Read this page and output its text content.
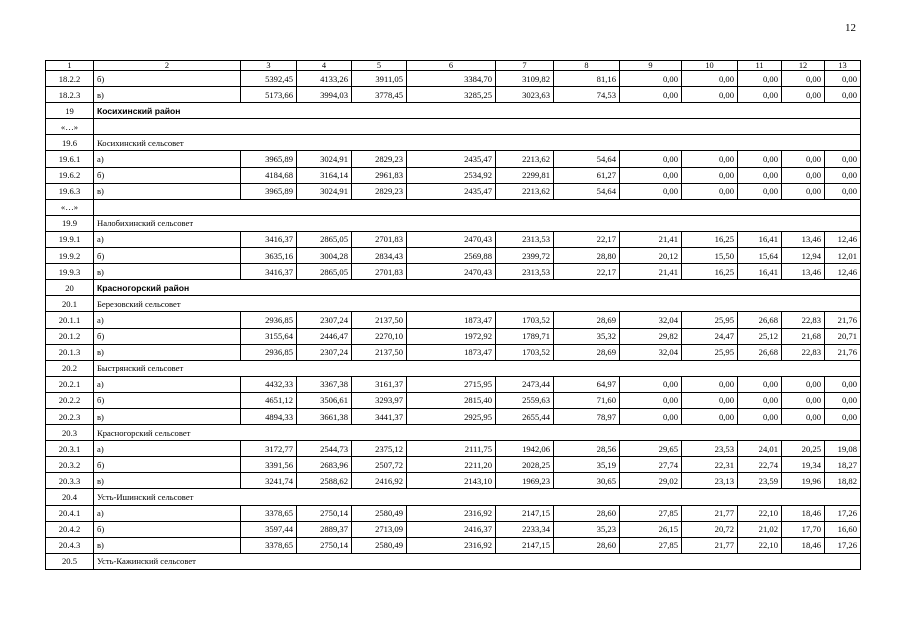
12
1	2	3	4	5	6	7	8	9	10	11	12	13
18.2.2	б)	5392,45	4133,26	3911,05	3384,70	3109,82	81,16	0,00	0,00	0,00	0,00	0,00
18.2.3	в)	5173,66	3994,03	3778,45	3285,25	3023,63	74,53	0,00	0,00	0,00	0,00	0,00
19	Косихинский район											
«…»												
19.6	Косихинский сельсовет											
19.6.1	а)	3965,89	3024,91	2829,23	2435,47	2213,62	54,64	0,00	0,00	0,00	0,00	0,00
19.6.2	б)	4184,68	3164,14	2961,83	2534,92	2299,81	61,27	0,00	0,00	0,00	0,00	0,00
19.6.3	в)	3965,89	3024,91	2829,23	2435,47	2213,62	54,64	0,00	0,00	0,00	0,00	0,00
«…»												
19.9	Налобихинский сельсовет											
19.9.1	а)	3416,37	2865,05	2701,83	2470,43	2313,53	22,17	21,41	16,25	16,41	13,46	12,46
19.9.2	б)	3635,16	3004,28	2834,43	2569,88	2399,72	28,80	20,12	15,50	15,64	12,94	12,01
19.9.3	в)	3416,37	2865,05	2701,83	2470,43	2313,53	22,17	21,41	16,25	16,41	13,46	12,46
20	Красногорский район											
20.1	Березовский сельсовет											
20.1.1	а)	2936,85	2307,24	2137,50	1873,47	1703,52	28,69	32,04	25,95	26,68	22,83	21,76
20.1.2	б)	3155,64	2446,47	2270,10	1972,92	1789,71	35,32	29,82	24,47	25,12	21,68	20,71
20.1.3	в)	2936,85	2307,24	2137,50	1873,47	1703,52	28,69	32,04	25,95	26,68	22,83	21,76
20.2	Быстрянский сельсовет											
20.2.1	а)	4432,33	3367,38	3161,37	2715,95	2473,44	64,97	0,00	0,00	0,00	0,00	0,00
20.2.2	б)	4651,12	3506,61	3293,97	2815,40	2559,63	71,60	0,00	0,00	0,00	0,00	0,00
20.2.3	в)	4894,33	3661,38	3441,37	2925,95	2655,44	78,97	0,00	0,00	0,00	0,00	0,00
20.3	Красногорский сельсовет											
20.3.1	а)	3172,77	2544,73	2375,12	2111,75	1942,06	28,56	29,65	23,53	24,01	20,25	19,08
20.3.2	б)	3391,56	2683,96	2507,72	2211,20	2028,25	35,19	27,74	22,31	22,74	19,34	18,27
20.3.3	в)	3241,74	2588,62	2416,92	2143,10	1969,23	30,65	29,02	23,13	23,59	19,96	18,82
20.4	Усть-Ишинский сельсовет											
20.4.1	а)	3378,65	2750,14	2580,49	2316,92	2147,15	28,60	27,85	21,77	22,10	18,46	17,26
20.4.2	б)	3597,44	2889,37	2713,09	2416,37	2233,34	35,23	26,15	20,72	21,02	17,70	16,60
20.4.3	в)	3378,65	2750,14	2580,49	2316,92	2147,15	28,60	27,85	21,77	22,10	18,46	17,26
20.5	Усть-Кажинский сельсовет											
